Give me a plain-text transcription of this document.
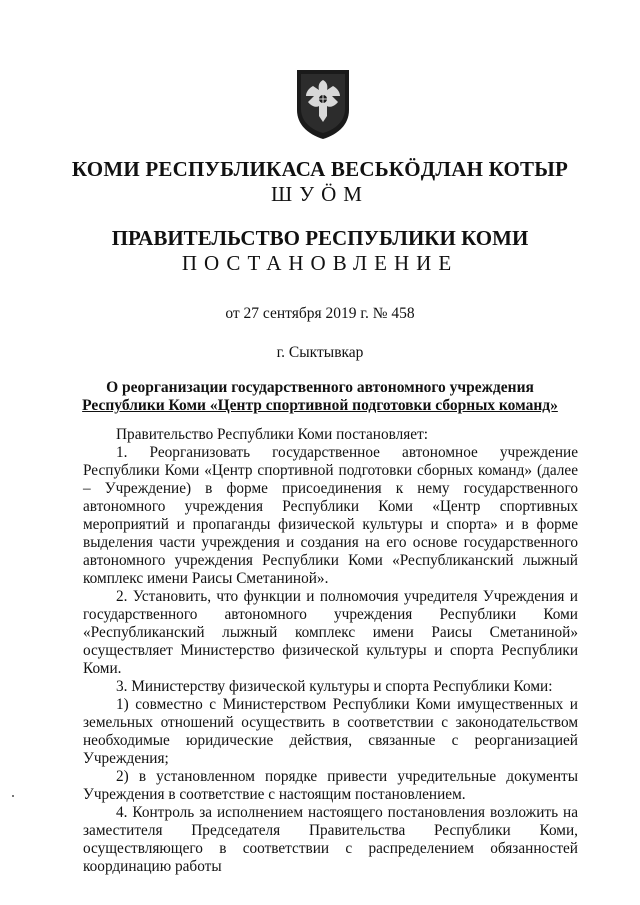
КОМИ РЕСПУБЛИКАСА ВЕСЬКӦДЛАН КОТЫР
ШУӦМ
ПРАВИТЕЛЬСТВО РЕСПУБЛИКИ КОМИ
ПОСТАНОВЛЕНИЕ
от 27 сентября 2019 г. № 458
г. Сыктывкар
О реорганизации государственного автономного учреждения
Республики Коми «Центр спортивной подготовки сборных команд»

Правительство Республики Коми постановляет:

1. Реорганизовать государственное автономное учреждение Республики Коми «Центр спортивной подготовки сборных команд» (далее – Учреждение) в форме присоединения к нему государственного автономного учреждения Республики Коми «Центр спортивных мероприятий и пропаганды физической культуры и спорта» и в форме выделения части учреждения и создания на его основе государственного автономного учреждения Республики Коми «Республиканский лыжный комплекс имени Раисы Сметаниной».

2. Установить, что функции и полномочия учредителя Учреждения и государственного автономного учреждения Республики Коми «Республиканский лыжный комплекс имени Раисы Сметаниной» осуществляет Министерство физической культуры и спорта Республики Коми.

3. Министерству физической культуры и спорта Республики Коми:

1) совместно с Министерством Республики Коми имущественных и земельных отношений осуществить в соответствии с законодательством необходимые юридические действия, связанные с реорганизацией Учреждения;

2) в установленном порядке привести учредительные документы Учреждения в соответствие с настоящим постановлением.

4. Контроль за исполнением настоящего постановления возложить на заместителя Председателя Правительства Республики Коми, осуществляющего в соответствии с распределением обязанностей координацию работы
